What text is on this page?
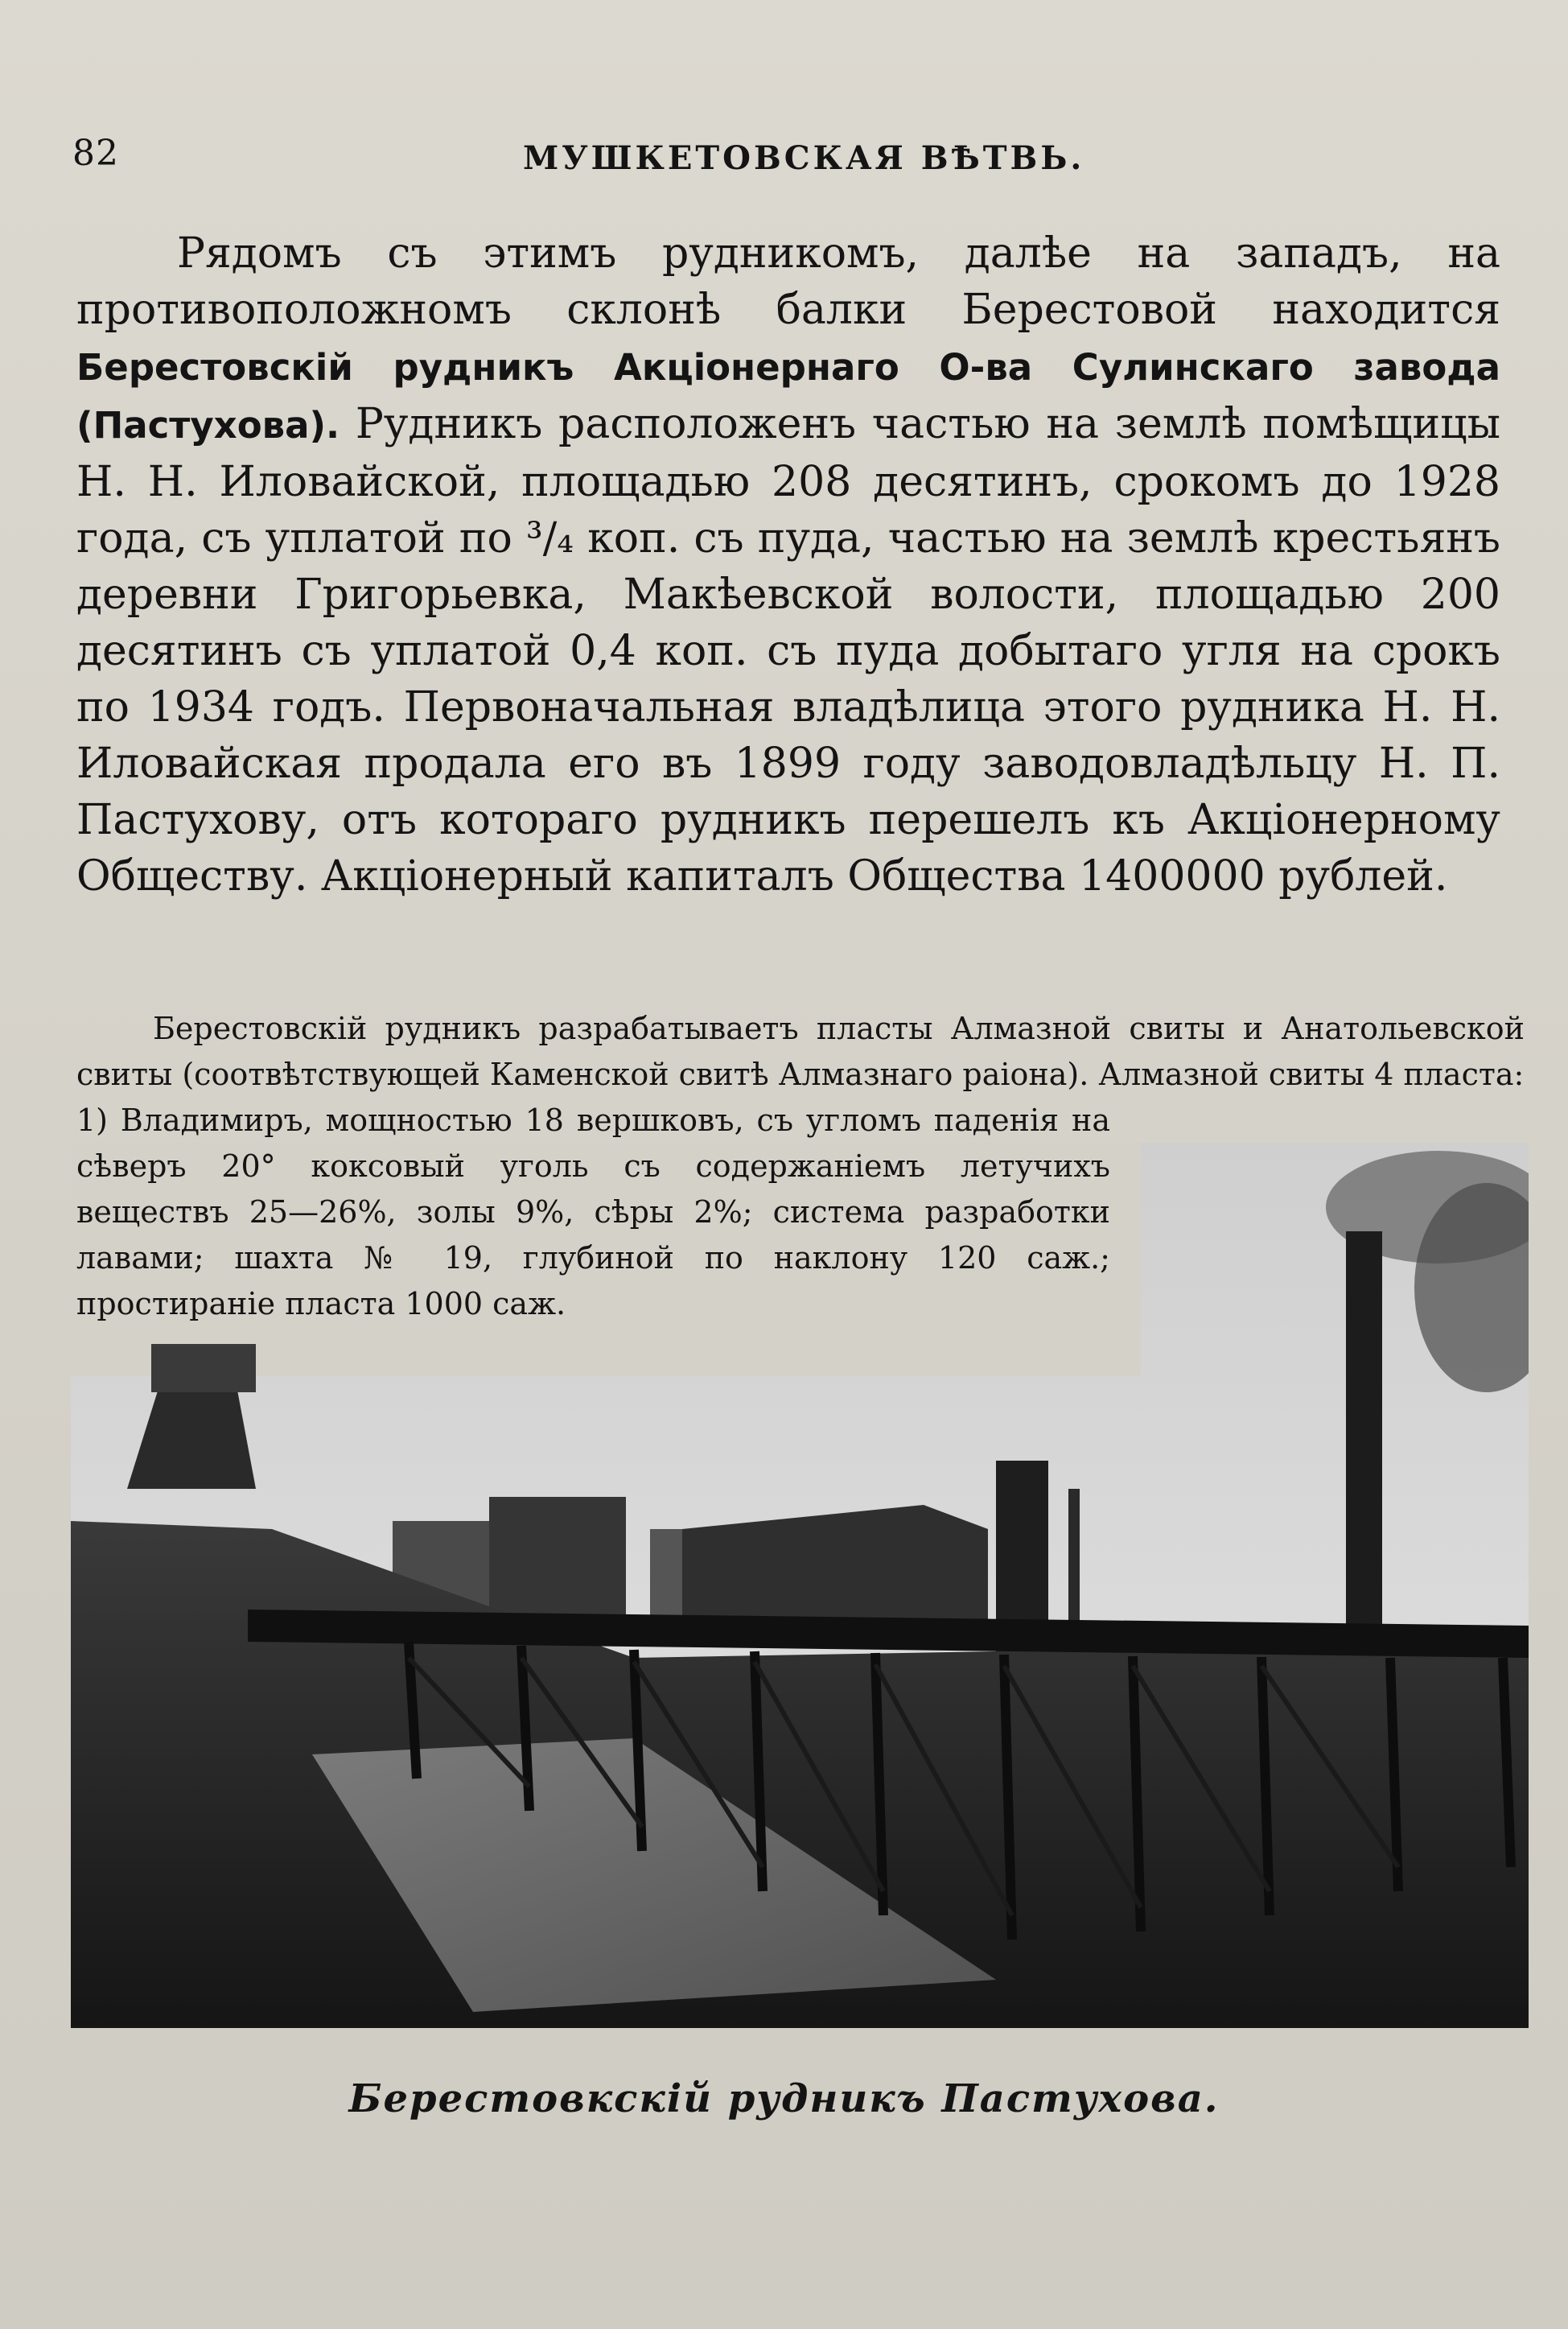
82	МУШКЕТОВСКАЯ ВѢТВЬ.

Рядомъ съ этимъ рудникомъ, далѣе на западъ, на противоположномъ склонѣ балки Берестовой находится Берестовскiй рудникъ Акцiонернаго О-ва Сулинскаго завода (Пастухова). Рудникъ расположенъ частью на землѣ помѣщицы Н. Н. Иловайской, площадью 208 десятинъ, срокомъ до 1928 года, съ уплатой по ³/₄ коп. съ пуда, частью на землѣ крестьянъ деревни Григорьевка, Макѣевской волости, площадью 200 десятинъ съ уплатой 0,4 коп. съ пуда добытаго угля на срокъ по 1934 годъ. Первоначальная владѣлица этого рудника Н. Н. Иловайская продала его въ 1899 году заводовладѣльцу Н. П. Пастухову, отъ котораго рудникъ перешелъ къ Акцiонерному Обществу. Акцiонерный капиталъ Общества 1400000 рублей.

Берестовскiй рудникъ разрабатываетъ пласты Алмазной свиты и Анатольевской свиты (соотвѣтствующей Каменской свитѣ Алмазнаго раiона). Алмазной свиты 4 пласта:

1) Владимиръ, мощностью 18 вершковъ, съ угломъ паденiя на сѣверъ 20° коксовый уголь съ содержанiемъ летучихъ веществъ 25—26%, золы 9%, сѣры 2%; система разработки лавами; шахта № 19, глубиной по наклону 120 саж.; простиранiе пласта 1000 саж.

Берестовкскiй рудникъ Пастухова.
